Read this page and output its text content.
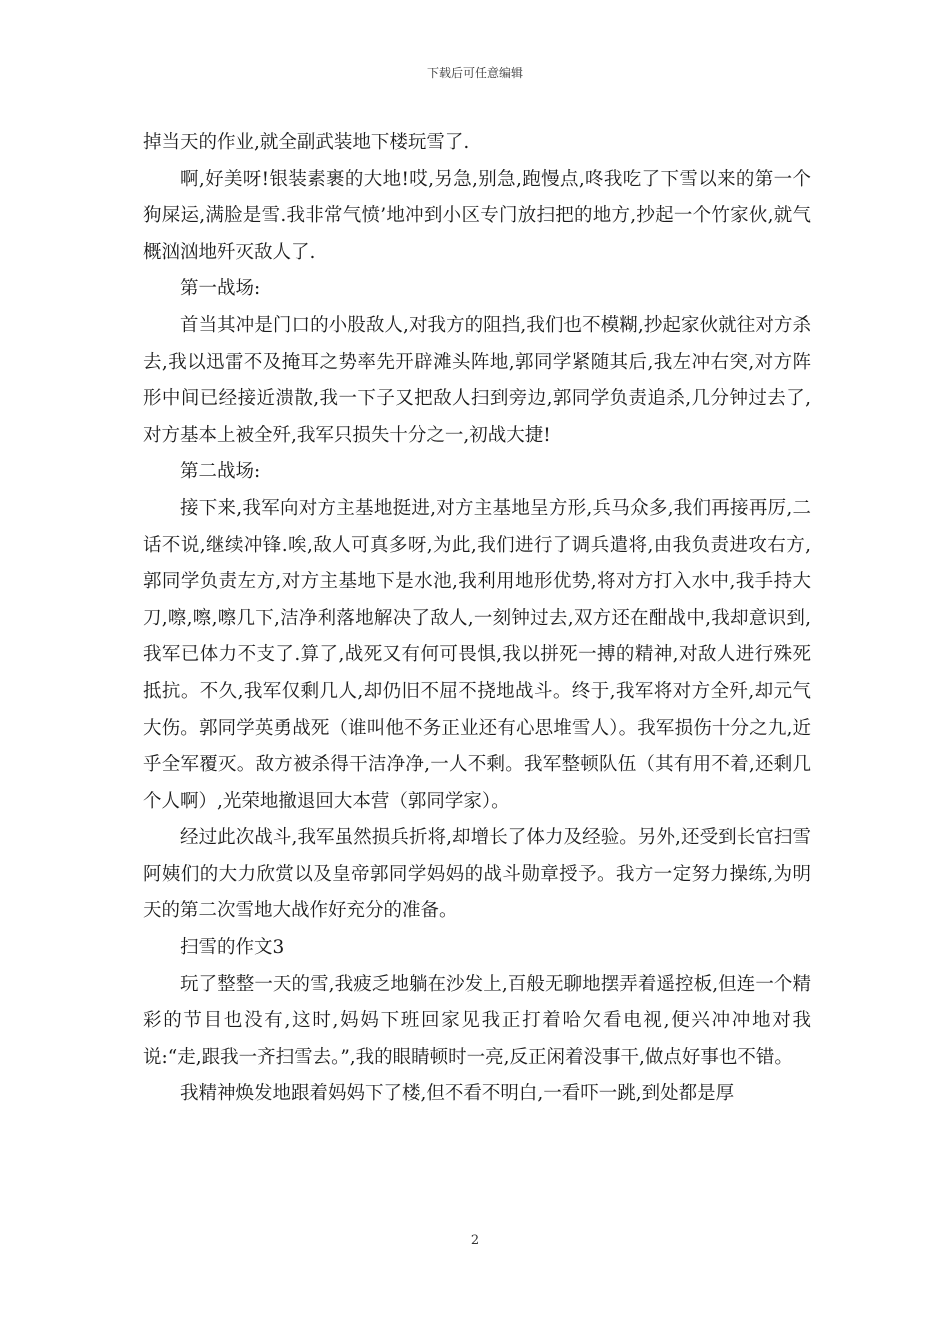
下载后可任意编辑

掉当天的作业,就全副武装地下楼玩雪了.

啊,好美呀!银装素裹的大地!哎,另急,别急,跑慢点,咚我吃了下雪以来的第一个狗屎运,满脸是雪.我非常气愤’地冲到小区专门放扫把的地方,抄起一个竹家伙,就气概汹汹地歼灭敌人了.

第一战场:

首当其冲是门口的小股敌人,对我方的阻挡,我们也不模糊,抄起家伙就往对方杀去,我以迅雷不及掩耳之势率先开辟滩头阵地,郭同学紧随其后,我左冲右突,对方阵形中间已经接近溃散,我一下子又把敌人扫到旁边,郭同学负责追杀,几分钟过去了,对方基本上被全歼,我军只损失十分之一,初战大捷!

第二战场:

接下来,我军向对方主基地挺进,对方主基地呈方形,兵马众多,我们再接再厉,二话不说,继续冲锋.唉,敌人可真多呀,为此,我们进行了调兵遣将,由我负责进攻右方,郭同学负责左方,对方主基地下是水池,我利用地形优势,将对方打入水中,我手持大刀,嚓,嚓,嚓几下,洁净利落地解决了敌人,一刻钟过去,双方还在酣战中,我却意识到,我军已体力不支了.算了,战死又有何可畏惧,我以拼死一搏的精神,对敌人进行殊死抵抗。不久,我军仅剩几人,却仍旧不屈不挠地战斗。终于,我军将对方全歼,却元气大伤。郭同学英勇战死（谁叫他不务正业还有心思堆雪人）。我军损伤十分之九,近乎全军覆灭。敌方被杀得干洁净净,一人不剩。我军整顿队伍（其有用不着,还剩几个人啊）,光荣地撤退回大本营（郭同学家）。

经过此次战斗,我军虽然损兵折将,却增长了体力及经验。另外,还受到长官扫雪阿姨们的大力欣赏以及皇帝郭同学妈妈的战斗勋章授予。我方一定努力操练,为明天的第二次雪地大战作好充分的准备。

扫雪的作文3

玩了整整一天的雪,我疲乏地躺在沙发上,百般无聊地摆弄着遥控板,但连一个精彩的节目也没有,这时,妈妈下班回家见我正打着哈欠看电视,便兴冲冲地对我说:“走,跟我一齐扫雪去。”,我的眼睛顿时一亮,反正闲着没事干,做点好事也不错。

我精神焕发地跟着妈妈下了楼,但不看不明白,一看吓一跳,到处都是厚

2
